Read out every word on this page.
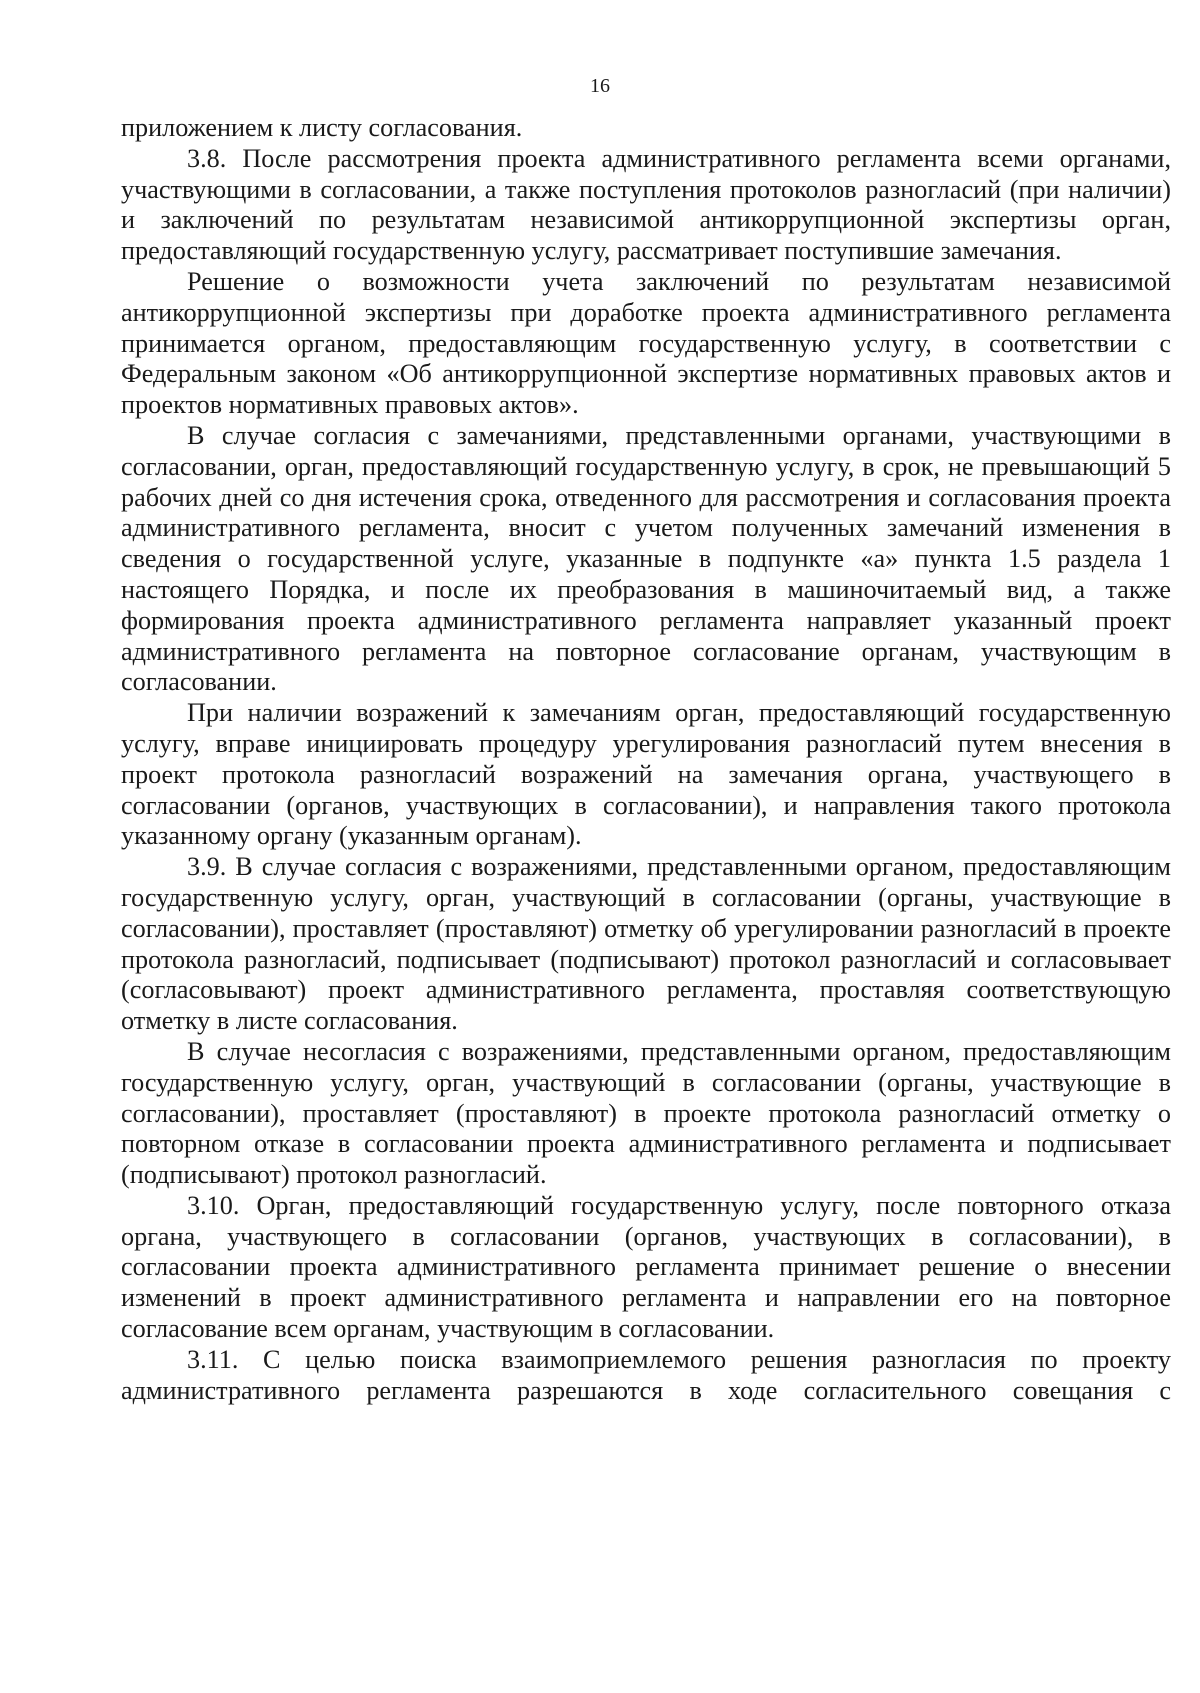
16

приложением к листу согласования.

3.8. После рассмотрения проекта административного регламента всеми органами, участвующими в согласовании, а также поступления протоколов разногласий (при наличии) и заключений по результатам независимой антикоррупционной экспертизы орган, предоставляющий государственную услугу, рассматривает поступившие замечания.

Решение о возможности учета заключений по результатам независимой антикоррупционной экспертизы при доработке проекта административного регламента принимается органом, предоставляющим государственную услугу, в соответствии с Федеральным законом «Об антикоррупционной экспертизе нормативных правовых актов и проектов нормативных правовых актов».

В случае согласия с замечаниями, представленными органами, участвующими в согласовании, орган, предоставляющий государственную услугу, в срок, не превышающий 5 рабочих дней со дня истечения срока, отведенного для рассмотрения и согласования проекта административного регламента, вносит с учетом полученных замечаний изменения в сведения о государственной услуге, указанные в подпункте «а» пункта 1.5 раздела 1 настоящего Порядка, и после их преобразования в машиночитаемый вид, а также формирования проекта административного регламента направляет указанный проект административного регламента на повторное согласование органам, участвующим в согласовании.

При наличии возражений к замечаниям орган, предоставляющий государственную услугу, вправе инициировать процедуру урегулирования разногласий путем внесения в проект протокола разногласий возражений на замечания органа, участвующего в согласовании (органов, участвующих в согласовании), и направления такого протокола указанному органу (указанным органам).

3.9. В случае согласия с возражениями, представленными органом, предоставляющим государственную услугу, орган, участвующий в согласовании (органы, участвующие в согласовании), проставляет (проставляют) отметку об урегулировании разногласий в проекте протокола разногласий, подписывает (подписывают) протокол разногласий и согласовывает (согласовывают) проект административного регламента, проставляя соответствующую отметку в листе согласования.

В случае несогласия с возражениями, представленными органом, предоставляющим государственную услугу, орган, участвующий в согласовании (органы, участвующие в согласовании), проставляет (проставляют) в проекте протокола разногласий отметку о повторном отказе в согласовании проекта административного регламента и подписывает (подписывают) протокол разногласий.

3.10. Орган, предоставляющий государственную услугу, после повторного отказа органа, участвующего в согласовании (органов, участвующих в согласовании), в согласовании проекта административного регламента принимает решение о внесении изменений в проект административного регламента и направлении его на повторное согласование всем органам, участвующим в согласовании.

3.11. С целью поиска взаимоприемлемого решения разногласия по проекту административного регламента разрешаются в ходе согласительного совещания с
